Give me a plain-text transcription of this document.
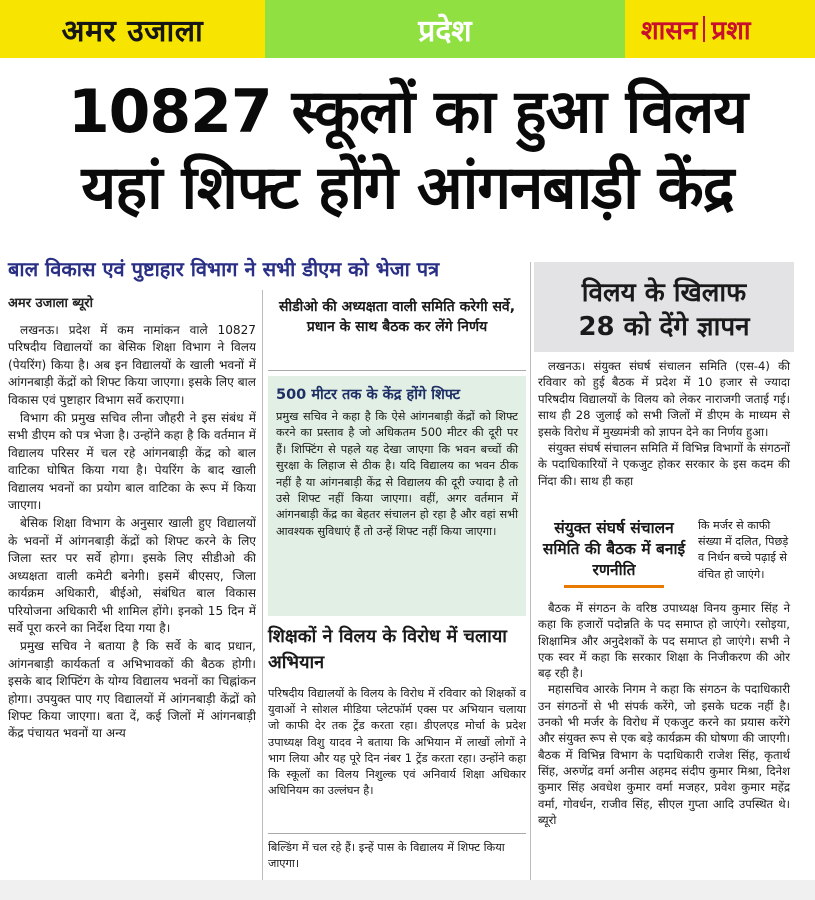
अमर उजाला	प्रदेश	शासन प्रशा
10827 स्कूलों का हुआ विलय
यहां शिफ्ट होंगे आंगनबाड़ी केंद्र
बाल विकास एवं पुष्टाहार विभाग ने सभी डीएम को भेजा पत्र
अमर उजाला ब्यूरो

लखनऊ। प्रदेश में कम नामांकन वाले 10827 परिषदीय विद्यालयों का बेसिक शिक्षा विभाग ने विलय (पेयरिंग) किया है। अब इन विद्यालयों के खाली भवनों में आंगनबाड़ी केंद्रों को शिफ्ट किया जाएगा। इसके लिए बाल विकास एवं पुष्टाहार विभाग सर्वे कराएगा।

विभाग की प्रमुख सचिव लीना जौहरी ने इस संबंध में सभी डीएम को पत्र भेजा है। उन्होंने कहा है कि वर्तमान में विद्यालय परिसर में चल रहे आंगनबाड़ी केंद्र को बाल वाटिका घोषित किया गया है। पेयरिंग के बाद खाली विद्यालय भवनों का प्रयोग बाल वाटिका के रूप में किया जाएगा।

बेसिक शिक्षा विभाग के अनुसार खाली हुए विद्यालयों के भवनों में आंगनबाड़ी केंद्रों को शिफ्ट करने के लिए जिला स्तर पर सर्वे होगा। इसके लिए सीडीओ की अध्यक्षता वाली कमेटी बनेगी। इसमें बीएसए, जिला कार्यक्रम अधिकारी, बीईओ, संबंधित बाल विकास परियोजना अधिकारी भी शामिल होंगे। इनको 15 दिन में सर्वे पूरा करने का निर्देश दिया गया है।

प्रमुख सचिव ने बताया है कि सर्वे के बाद प्रधान, आंगनबाड़ी कार्यकर्ता व अभिभावकों की बैठक होगी। इसके बाद शिफ्टिंग के योग्य विद्यालय भवनों का चिह्नांकन होगा। उपयुक्त पाए गए विद्यालयों में आंगनबाड़ी केंद्रों को शिफ्ट किया जाएगा। बता दें, कई जिलों में आंगनबाड़ी केंद्र पंचायत भवनों या अन्य

सीडीओ की अध्यक्षता वाली समिति करेगी सर्वे, प्रधान के साथ बैठक कर लेंगे निर्णय
500 मीटर तक के केंद्र होंगे शिफ्ट
प्रमुख सचिव ने कहा है कि ऐसे आंगनबाड़ी केंद्रों को शिफ्ट करने का प्रस्ताव है जो अधिकतम 500 मीटर की दूरी पर हैं। शिफ्टिंग से पहले यह देखा जाएगा कि भवन बच्चों की सुरक्षा के लिहाज से ठीक है। यदि विद्यालय का भवन ठीक नहीं है या आंगनबाड़ी केंद्र से विद्यालय की दूरी ज्यादा है तो उसे शिफ्ट नहीं किया जाएगा। वहीं, अगर वर्तमान में आंगनबाड़ी केंद्र का बेहतर संचालन हो रहा है और वहां सभी आवश्यक सुविधाएं हैं तो उन्हें शिफ्ट नहीं किया जाएगा।
शिक्षकों ने विलय के विरोध में चलाया अभियान
परिषदीय विद्यालयों के विलय के विरोध में रविवार को शिक्षकों व युवाओं ने सोशल मीडिया प्लेटफॉर्म एक्स पर अभियान चलाया जो काफी देर तक ट्रेंड करता रहा। डीएलएड मोर्चा के प्रदेश उपाध्यक्ष विशु यादव ने बताया कि अभियान में लाखों लोगों ने भाग लिया और यह पूरे दिन नंबर 1 ट्रेंड करता रहा। उन्होंने कहा कि स्कूलों का विलय निशुल्क एवं अनिवार्य शिक्षा अधिकार अधिनियम का उल्लंघन है।
बिल्डिंग में चल रहे हैं। इन्हें पास के विद्यालय में शिफ्ट किया जाएगा।
विलय के खिलाफ
28 को देंगे ज्ञापन

लखनऊ। संयुक्त संघर्ष संचालन समिति (एस-4) की रविवार को हुई बैठक में प्रदेश में 10 हजार से ज्यादा परिषदीय विद्यालयों के विलय को लेकर नाराजगी जताई गई। साथ ही 28 जुलाई को सभी जिलों में डीएम के माध्यम से इसके विरोध में मुख्यमंत्री को ज्ञापन देने का निर्णय हुआ।

संयुक्त संघर्ष संचालन समिति में विभिन्न विभागों के संगठनों के पदाधिकारियों ने एकजुट होकर सरकार के इस कदम की निंदा की। साथ ही कहा

संयुक्त संघर्ष संचालन समिति की बैठक में बनाई रणनीति
कि मर्जर से काफी संख्या में दलित, पिछड़े व निर्धन बच्चे पढ़ाई से वंचित हो जाएंगे।

बैठक में संगठन के वरिष्ठ उपाध्यक्ष विनय कुमार सिंह ने कहा कि हजारों पदोन्नति के पद समाप्त हो जाएंगे। रसोइया, शिक्षामित्र और अनुदेशकों के पद समाप्त हो जाएंगे। सभी ने एक स्वर में कहा कि सरकार शिक्षा के निजीकरण की ओर बढ़ रही है।

महासचिव आरके निगम ने कहा कि संगठन के पदाधिकारी उन संगठनों से भी संपर्क करेंगे, जो इसके घटक नहीं है। उनको भी मर्जर के विरोध में एकजुट करने का प्रयास करेंगे और संयुक्त रूप से एक बड़े कार्यक्रम की घोषणा की जाएगी। बैठक में विभिन्न विभाग के पदाधिकारी राजेश सिंह, कृतार्थ सिंह, अरुणेंद्र वर्मा अनीस अहमद संदीप कुमार मिश्रा, दिनेश कुमार सिंह अवधेश कुमार वर्मा मजहर, प्रवेश कुमार महेंद्र वर्मा, गोवर्धन, राजीव सिंह, सीएल गुप्ता आदि उपस्थित थे। ब्यूरो
